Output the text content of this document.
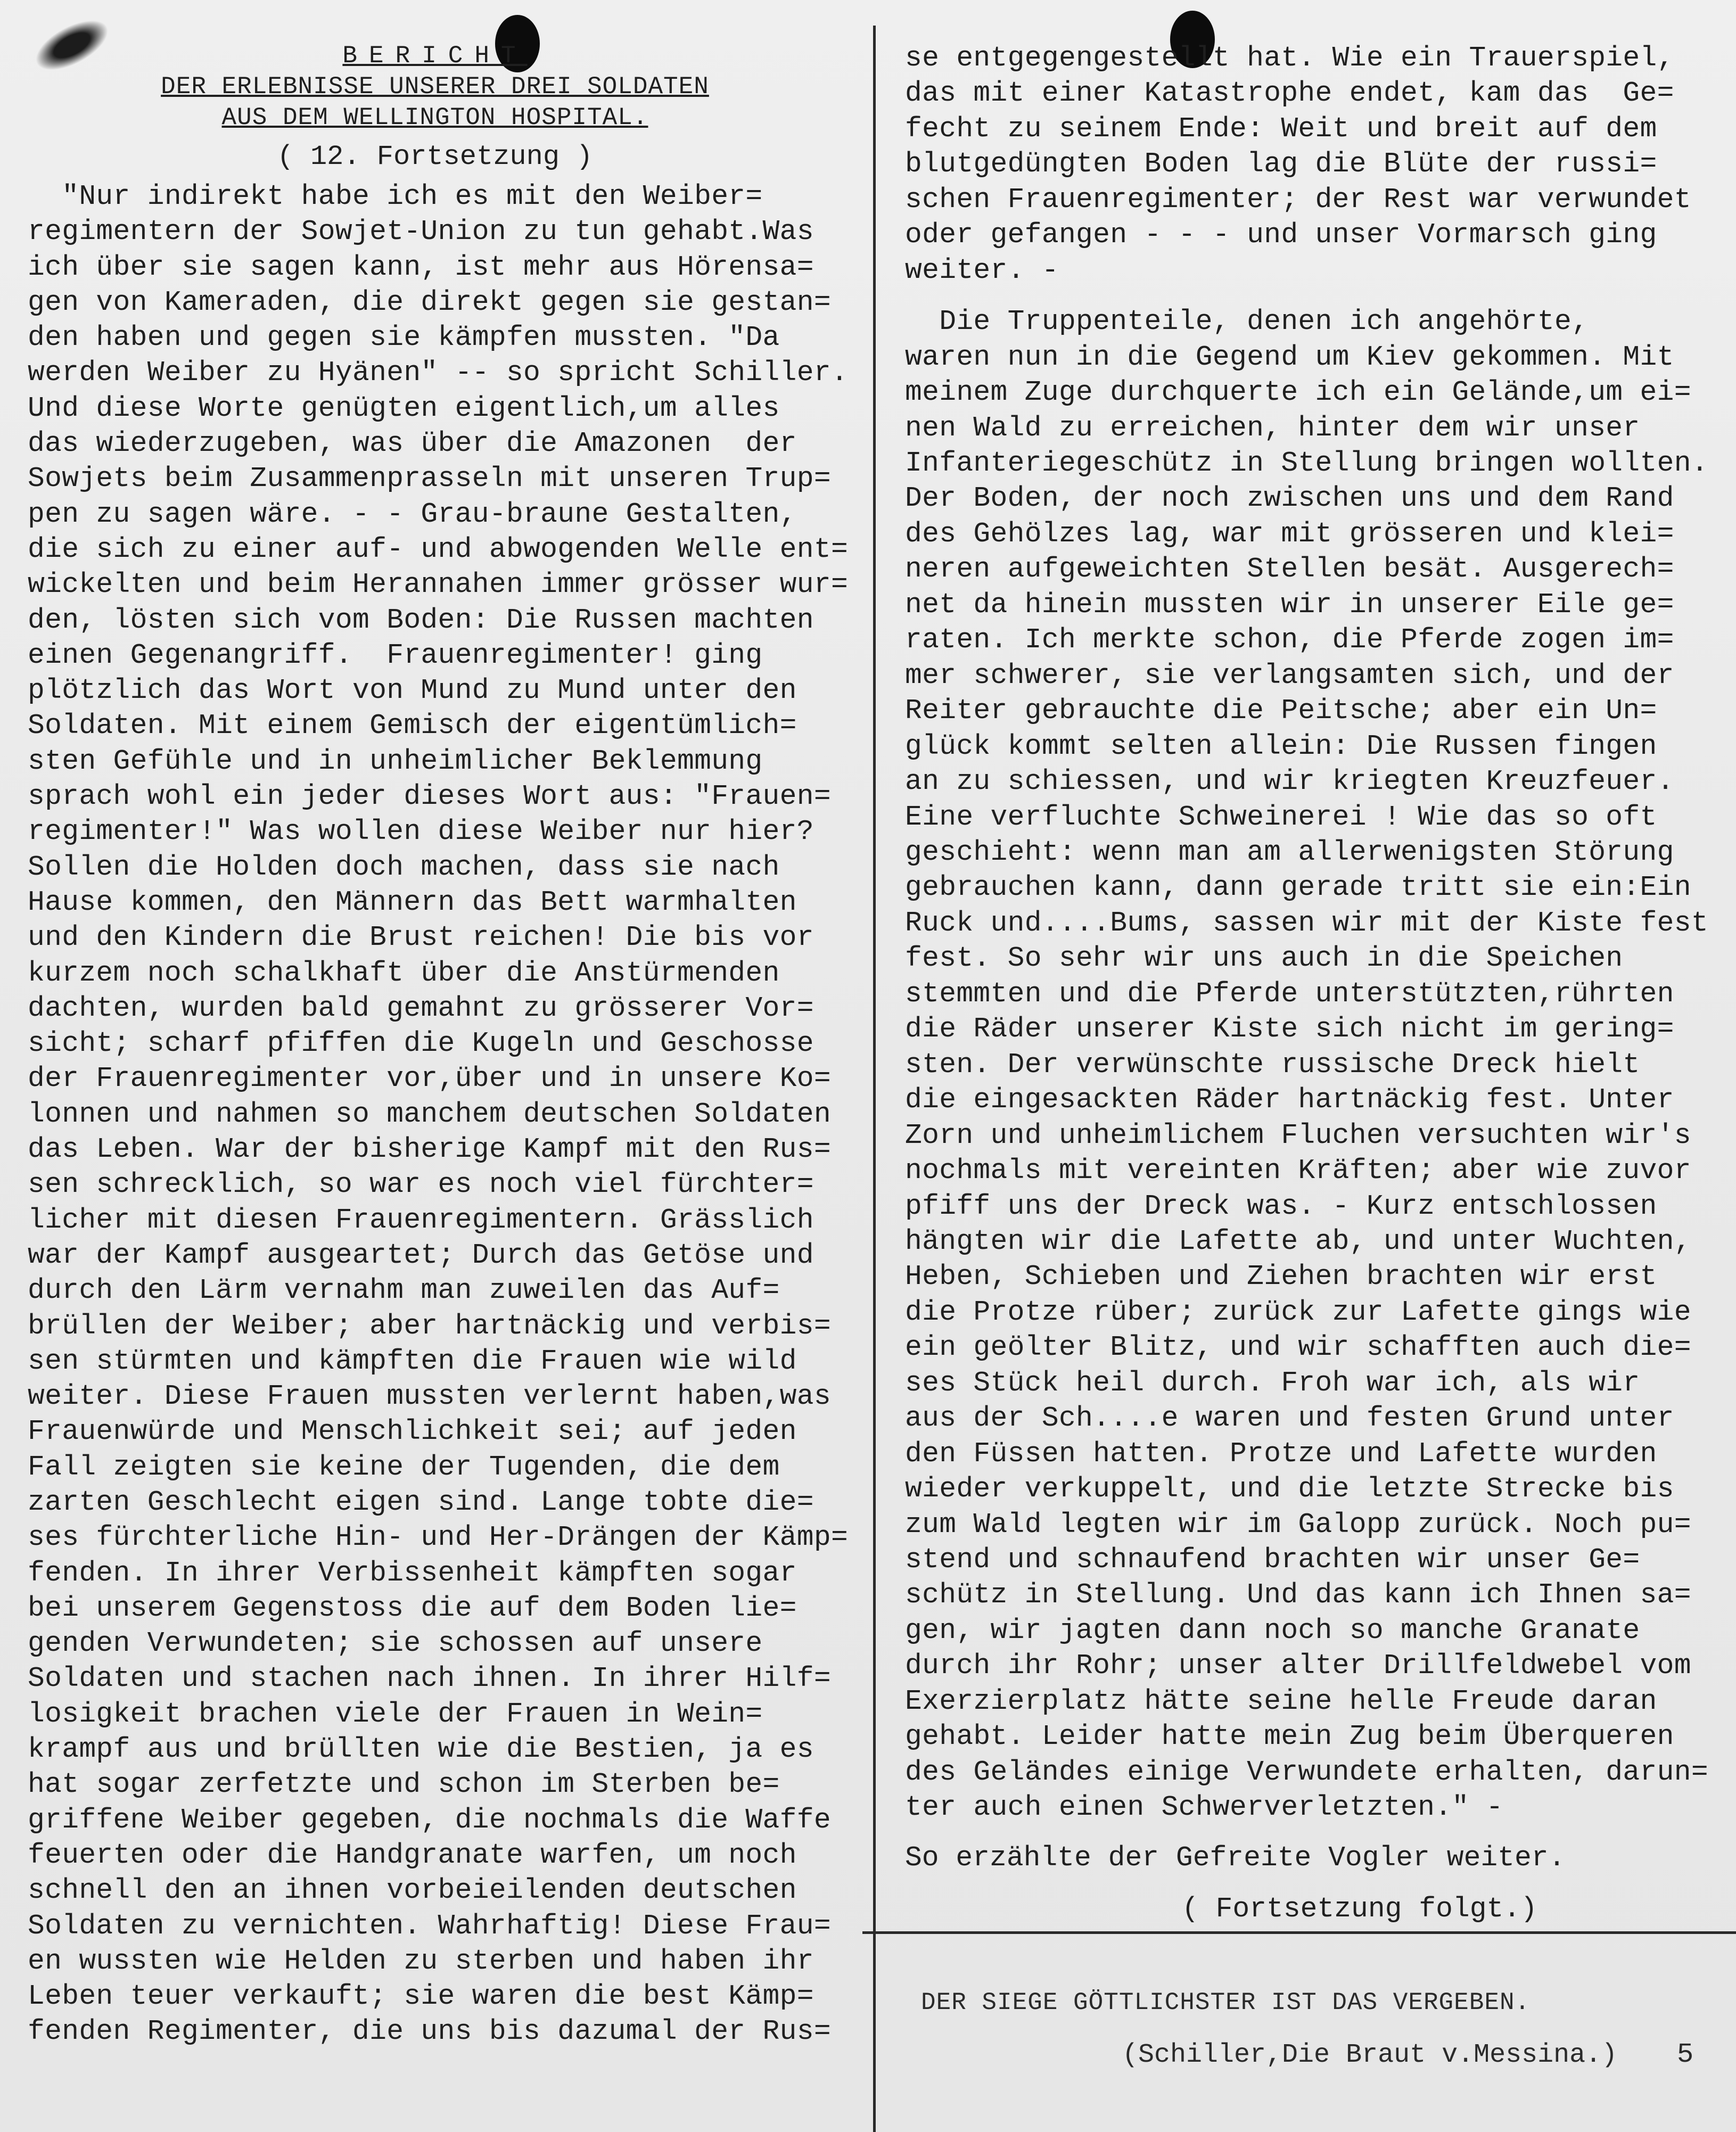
BERICHT
DER ERLEBNISSE UNSERER DREI SOLDATEN
AUS DEM WELLINGTON HOSPITAL.
( 12. Fortsetzung )
"Nur indirekt habe ich es mit den Weiber=
regimentern der Sowjet-Union zu tun gehabt.Was
ich über sie sagen kann, ist mehr aus Hörensa=
gen von Kameraden, die direkt gegen sie gestan=
den haben und gegen sie kämpfen mussten. "Da
werden Weiber zu Hyänen" -- so spricht Schiller.
Und diese Worte genügten eigentlich,um alles
das wiederzugeben, was über die Amazonen  der
Sowjets beim Zusammenprasseln mit unseren Trup=
pen zu sagen wäre. - - Grau-braune Gestalten,
die sich zu einer auf- und abwogenden Welle ent=
wickelten und beim Herannahen immer grösser wur=
den, lösten sich vom Boden: Die Russen machten
einen Gegenangriff.  Frauenregimenter! ging
plötzlich das Wort von Mund zu Mund unter den
Soldaten. Mit einem Gemisch der eigentümlich=
sten Gefühle und in unheimlicher Beklemmung
sprach wohl ein jeder dieses Wort aus: "Frauen=
regimenter!" Was wollen diese Weiber nur hier?
Sollen die Holden doch machen, dass sie nach
Hause kommen, den Männern das Bett warmhalten
und den Kindern die Brust reichen! Die bis vor
kurzem noch schalkhaft über die Anstürmenden
dachten, wurden bald gemahnt zu grösserer Vor=
sicht; scharf pfiffen die Kugeln und Geschosse
der Frauenregimenter vor,über und in unsere Ko=
lonnen und nahmen so manchem deutschen Soldaten
das Leben. War der bisherige Kampf mit den Rus=
sen schrecklich, so war es noch viel fürchter=
licher mit diesen Frauenregimentern. Grässlich
war der Kampf ausgeartet; Durch das Getöse und
durch den Lärm vernahm man zuweilen das Auf=
brüllen der Weiber; aber hartnäckig und verbis=
sen stürmten und kämpften die Frauen wie wild
weiter. Diese Frauen mussten verlernt haben,was
Frauenwürde und Menschlichkeit sei; auf jeden
Fall zeigten sie keine der Tugenden, die dem
zarten Geschlecht eigen sind. Lange tobte die=
ses fürchterliche Hin- und Her-Drängen der Kämp=
fenden. In ihrer Verbissenheit kämpften sogar
bei unserem Gegenstoss die auf dem Boden lie=
genden Verwundeten; sie schossen auf unsere
Soldaten und stachen nach ihnen. In ihrer Hilf=
losigkeit brachen viele der Frauen in Wein=
krampf aus und brüllten wie die Bestien, ja es
hat sogar zerfetzte und schon im Sterben be=
griffene Weiber gegeben, die nochmals die Waffe
feuerten oder die Handgranate warfen, um noch
schnell den an ihnen vorbeieilenden deutschen
Soldaten zu vernichten. Wahrhaftig! Diese Frau=
en wussten wie Helden zu sterben und haben ihr
Leben teuer verkauft; sie waren die best Kämp=
fenden Regimenter, die uns bis dazumal der Rus=
se entgegengestellt hat. Wie ein Trauerspiel,
das mit einer Katastrophe endet, kam das  Ge=
fecht zu seinem Ende: Weit und breit auf dem
blutgedüngten Boden lag die Blüte der russi=
schen Frauenregimenter; der Rest war verwundet
oder gefangen - - - und unser Vormarsch ging
weiter. -
Die Truppenteile, denen ich angehörte,
waren nun in die Gegend um Kiev gekommen. Mit
meinem Zuge durchquerte ich ein Gelände,um ei=
nen Wald zu erreichen, hinter dem wir unser
Infanteriegeschütz in Stellung bringen wollten.
Der Boden, der noch zwischen uns und dem Rand
des Gehölzes lag, war mit grösseren und klei=
neren aufgeweichten Stellen besät. Ausgerech=
net da hinein mussten wir in unserer Eile ge=
raten. Ich merkte schon, die Pferde zogen im=
mer schwerer, sie verlangsamten sich, und der
Reiter gebrauchte die Peitsche; aber ein Un=
glück kommt selten allein: Die Russen fingen
an zu schiessen, und wir kriegten Kreuzfeuer.
Eine verfluchte Schweinerei ! Wie das so oft
geschieht: wenn man am allerwenigsten Störung
gebrauchen kann, dann gerade tritt sie ein:Ein
Ruck und....Bums, sassen wir mit der Kiste fest
fest. So sehr wir uns auch in die Speichen
stemmten und die Pferde unterstützten,rührten
die Räder unserer Kiste sich nicht im gering=
sten. Der verwünschte russische Dreck hielt
die eingesackten Räder hartnäckig fest. Unter
Zorn und unheimlichem Fluchen versuchten wir's
nochmals mit vereinten Kräften; aber wie zuvor
pfiff uns der Dreck was. - Kurz entschlossen
hängten wir die Lafette ab, und unter Wuchten,
Heben, Schieben und Ziehen brachten wir erst
die Protze rüber; zurück zur Lafette gings wie
ein geölter Blitz, und wir schafften auch die=
ses Stück heil durch. Froh war ich, als wir
aus der Sch....e waren und festen Grund unter
den Füssen hatten. Protze und Lafette wurden
wieder verkuppelt, und die letzte Strecke bis
zum Wald legten wir im Galopp zurück. Noch pu=
stend und schnaufend brachten wir unser Ge=
schütz in Stellung. Und das kann ich Ihnen sa=
gen, wir jagten dann noch so manche Granate
durch ihr Rohr; unser alter Drillfeldwebel vom
Exerzierplatz hätte seine helle Freude daran
gehabt. Leider hatte mein Zug beim Überqueren
des Geländes einige Verwundete erhalten, darun=
ter auch einen Schwerverletzten." -
So erzählte der Gefreite Vogler weiter.
( Fortsetzung folgt.)
DER SIEGE GÖTTLICHSTER IST DAS VERGEBEN.
(Schiller,Die Braut v.Messina.) 5
